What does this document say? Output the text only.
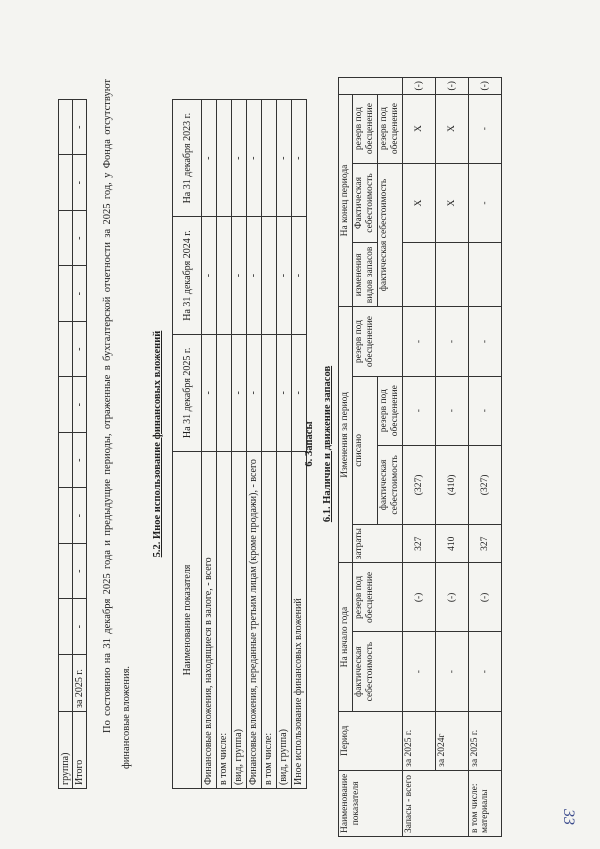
группа)											
Итого	за 2025 г.	-	-	-	-	-	-	-	-	-	-	По состоянию на 31 декабря 2025 года и предыдущие периоды, отраженные в бухгалтерской отчетности за 2025 год, у Фонда отсутствуют финансовые вложения.
5.2. Иное использование финансовых вложений
Наименование показателя	На 31 декабря 2025 г.	На 31 декабря 2024 г.	На 31 декабря 2023 г.
Финансовые вложения, находящиеся в залоге, - всего	-	-	-
в том числе:			
(вид, группа)	-	-	-
Финансовые вложения, переданные третьим лицам (кроме продажи), - всего	-	-	-
в том числе:			
(вид, группа)	-	-	-
Иное использование финансовых вложений	-	-	-
6. Запасы 6.1. Наличие и движение запасов
Наименование показателя	Период	На начало года		Изменения за период				На конец периода			
		фактическая себестоимость	резерв под обесценение	затраты	списано		резерв под обесценение	изменения видов запасов	Фактическая себестоимость	резерв под обесценение	
					фактическая себестоимость	резерв под обесценение		фактическая себестоимость		резерв под обесценение	
Запасы - всего	за 2025 г.	-	(-)	327	(327)	-	-		X	X	(-)
	за 2024г	-	(-)	410	(410)	-	-		X	X	(-)
в том числе: материалы	за 2025 г.	-	(-)	327	(327)	-	-		-	-	(-)
33
